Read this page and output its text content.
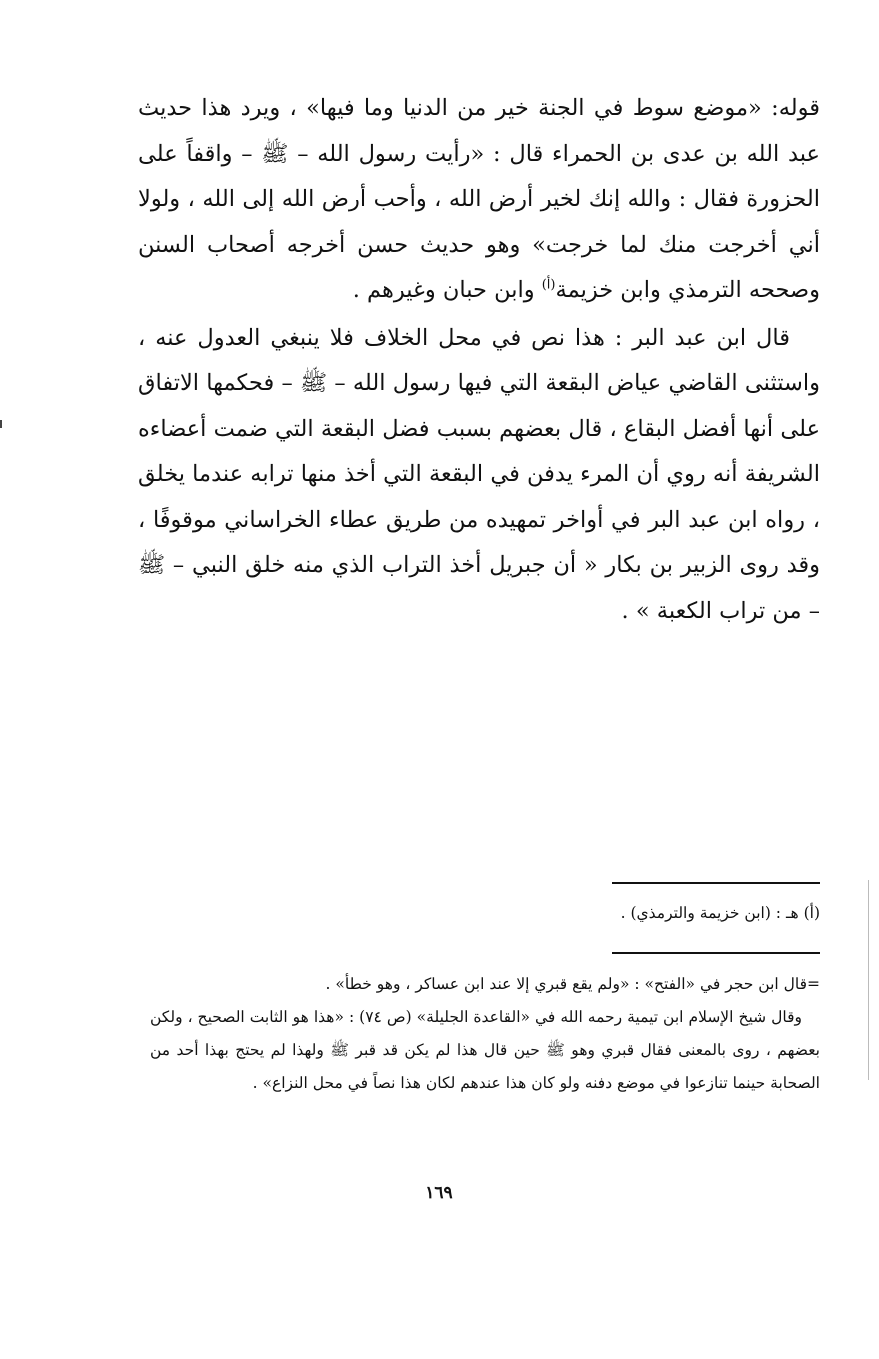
قوله: «موضع سوط في الجنة خير من الدنيا وما فيها» ، ويرد هذا حديث عبد الله بن عدى بن الحمراء قال : «رأيت رسول الله – ﷺ – واقفاً على الحزورة فقال : والله إنك لخير أرض الله ، وأحب أرض الله إلى الله ، ولولا أني أخرجت منك لما خرجت» وهو حديث حسن أخرجه أصحاب السنن وصححه الترمذي وابن خزيمة$^{(أ)}$ وابن حبان وغيرهم .

قال ابن عبد البر : هذا نص في محل الخلاف فلا ينبغي العدول عنه ، واستثنى القاضي عياض البقعة التي فيها رسول الله – ﷺ – فحكمها الاتفاق على أنها أفضل البقاع ، قال بعضهم بسبب فضل البقعة التي ضمت أعضاءه الشريفة أنه روي أن المرء يدفن في البقعة التي أخذ منها ترابه عندما يخلق ، رواه ابن عبد البر في أواخر تمهيده من طريق عطاء الخراساني موقوفًا ، وقد روى الزبير بن بكار « أن جبريل أخذ التراب الذي منه خلق النبي – ﷺ – من تراب الكعبة » .

(أ) هـ : (ابن خزيمة والترمذي) .

=قال ابن حجر في «الفتح» : «ولم يقع قبري إلا عند ابن عساكر ، وهو خطأ» .

وقال شيخ الإسلام ابن تيمية رحمه الله في «القاعدة الجليلة» (ص ٧٤) : «هذا هو الثابت الصحيح ، ولكن بعضهم ، روى بالمعنى فقال قبري وهو ﷺ حين قال هذا لم يكن قد قبر ﷺ ولهذا لم يحتج بهذا أحد من الصحابة حينما تنازعوا في موضع دفنه ولو كان هذا عندهم لكان هذا نصاً في محل النزاع» .

١٦٩
